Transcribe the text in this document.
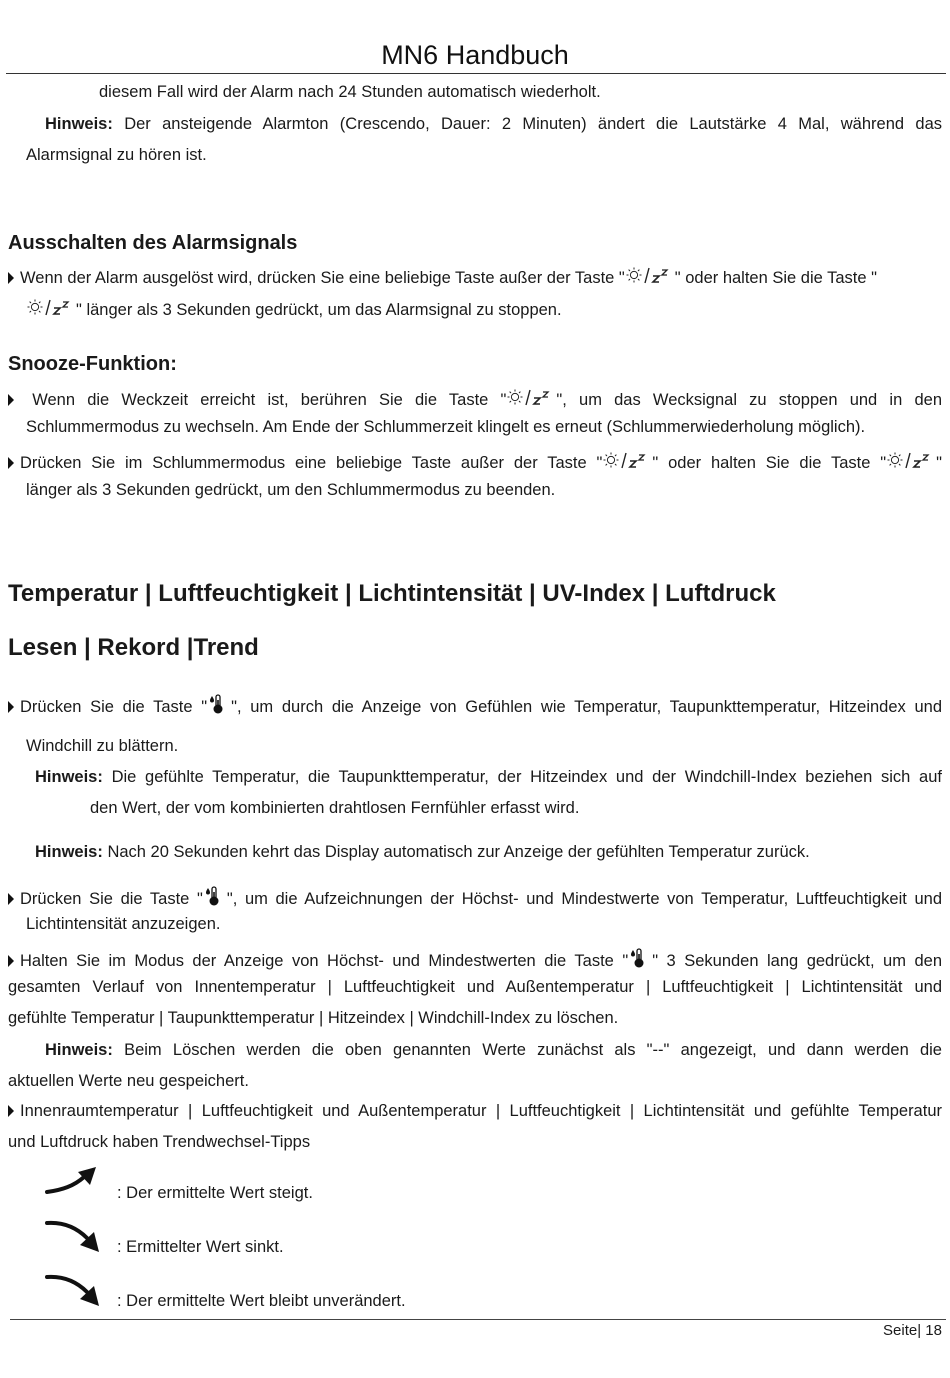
MN6 Handbuch
diesem Fall wird der Alarm nach 24 Stunden automatisch wiederholt.
Hinweis: Der ansteigende Alarmton (Crescendo, Dauer: 2 Minuten) ändert die Lautstärke 4 Mal, während das
Alarmsignal zu hören ist.
Ausschalten des Alarmsignals
Wenn der Alarm ausgelöst wird, drücken Sie eine beliebige Taste außer der Taste "	" oder halten Sie die Taste "
" länger als 3 Sekunden gedrückt, um das Alarmsignal zu stoppen.
Snooze-Funktion:
Wenn die Weckzeit erreicht ist, berühren Sie die Taste "	", um das Wecksignal zu stoppen und in den
Schlummermodus zu wechseln. Am Ende der Schlummerzeit klingelt es erneut (Schlummerwiederholung möglich).
Drücken Sie im Schlummermodus eine beliebige Taste außer der Taste "	" oder halten Sie die Taste "	"
länger als 3 Sekunden gedrückt, um den Schlummermodus zu beenden.
Temperatur | Luftfeuchtigkeit | Lichtintensität | UV-Index | Luftdruck
Lesen | Rekord |Trend
Drücken Sie die Taste " ", um durch die Anzeige von Gefühlen wie Temperatur, Taupunkttemperatur, Hitzeindex und
Windchill zu blättern.
Hinweis: Die gefühlte Temperatur, die Taupunkttemperatur, der Hitzeindex und der Windchill-Index beziehen sich auf
den Wert, der vom kombinierten drahtlosen Fernfühler erfasst wird.
Hinweis: Nach 20 Sekunden kehrt das Display automatisch zur Anzeige der gefühlten Temperatur zurück.
Drücken Sie die Taste " ", um die Aufzeichnungen der Höchst- und Mindestwerte von Temperatur, Luftfeuchtigkeit und
Lichtintensität anzuzeigen.
Halten Sie im Modus der Anzeige von Höchst- und Mindestwerten die Taste " " 3 Sekunden lang gedrückt, um den
gesamten Verlauf von Innentemperatur | Luftfeuchtigkeit und Außentemperatur | Luftfeuchtigkeit | Lichtintensität und
gefühlte Temperatur | Taupunkttemperatur | Hitzeindex | Windchill-Index zu löschen.
Hinweis: Beim Löschen werden die oben genannten Werte zunächst als "--" angezeigt, und dann werden die
aktuellen Werte neu gespeichert.
Innenraumtemperatur | Luftfeuchtigkeit und Außentemperatur | Luftfeuchtigkeit | Lichtintensität und gefühlte Temperatur
und Luftdruck haben Trendwechsel-Tipps
: Der ermittelte Wert steigt.
: Ermittelter Wert sinkt.
: Der ermittelte Wert bleibt unverändert.
Seite| 18
